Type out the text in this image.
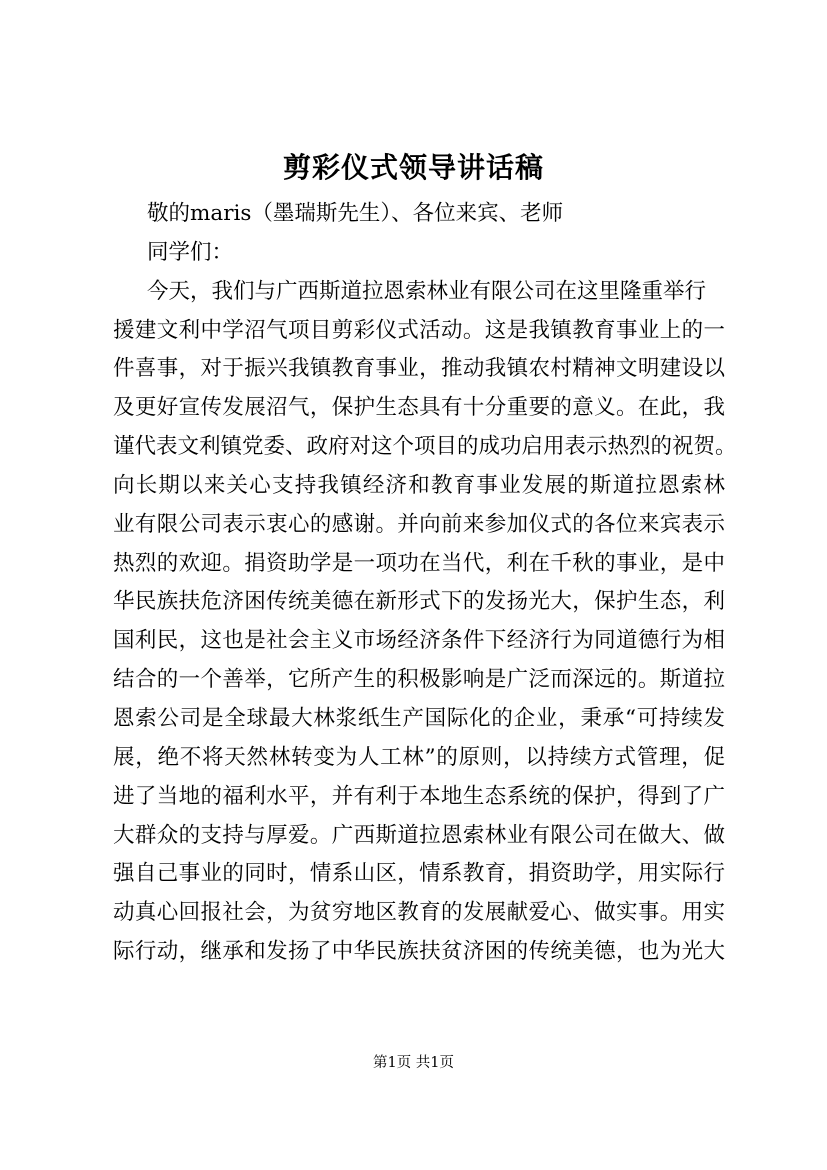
剪彩仪式领导讲话稿
敬的maris（墨瑞斯先生）、各位来宾、老师
同学们：
今天，我们与广西斯道拉恩索林业有限公司在这里隆重举行
援建文利中学沼气项目剪彩仪式活动。这是我镇教育事业上的一
件喜事，对于振兴我镇教育事业，推动我镇农村精神文明建设以
及更好宣传发展沼气，保护生态具有十分重要的意义。在此，我
谨代表文利镇党委、政府对这个项目的成功启用表示热烈的祝贺。
向长期以来关心支持我镇经济和教育事业发展的斯道拉恩索林
业有限公司表示衷心的感谢。并向前来参加仪式的各位来宾表示
热烈的欢迎。捐资助学是一项功在当代，利在千秋的事业，是中
华民族扶危济困传统美德在新形式下的发扬光大，保护生态，利
国利民，这也是社会主义市场经济条件下经济行为同道德行为相
结合的一个善举，它所产生的积极影响是广泛而深远的。斯道拉
恩索公司是全球最大林浆纸生产国际化的企业，秉承“可持续发
展，绝不将天然林转变为人工林”的原则，以持续方式管理，促
进了当地的福利水平，并有利于本地生态系统的保护，得到了广
大群众的支持与厚爱。广西斯道拉恩索林业有限公司在做大、做
强自己事业的同时，情系山区，情系教育，捐资助学，用实际行
动真心回报社会，为贫穷地区教育的发展献爱心、做实事。用实
际行动，继承和发扬了中华民族扶贫济困的传统美德，也为光大
第1页 共1页
